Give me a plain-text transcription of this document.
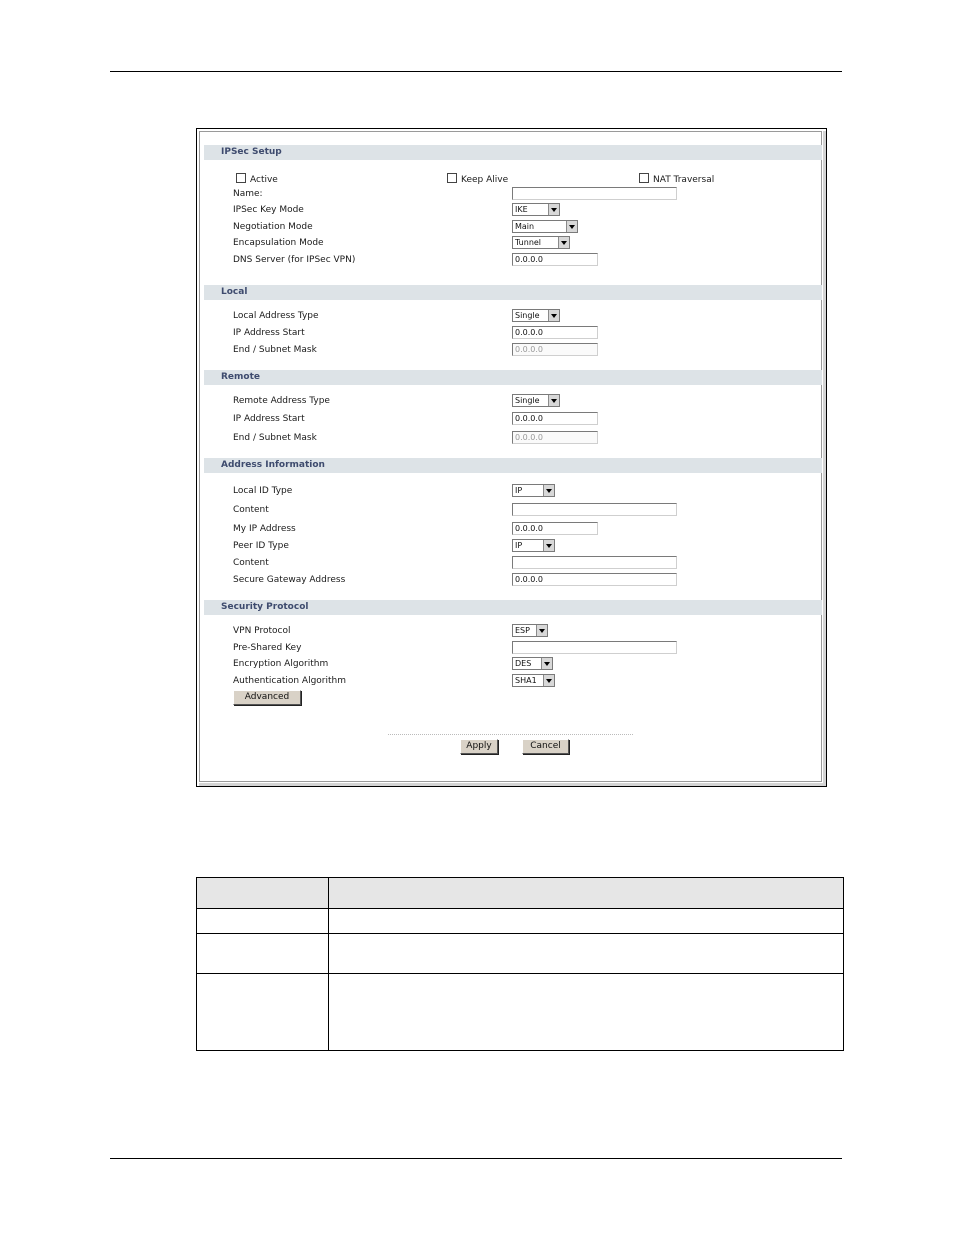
IPSec Setup
Active	Keep Alive	NAT Traversal
Name:
IPSec Key Mode	IKE
Negotiation Mode	Main
Encapsulation Mode	Tunnel
DNS Server (for IPSec VPN)	0.0.0.0
Local
Local Address Type	Single
IP Address Start	0.0.0.0
End / Subnet Mask	0.0.0.0
Remote
Remote Address Type	Single
IP Address Start	0.0.0.0
End / Subnet Mask	0.0.0.0
Address Information
Local ID Type	IP
Content
My IP Address	0.0.0.0
Peer ID Type	IP
Content
Secure Gateway Address	0.0.0.0
Security Protocol
VPN Protocol	ESP
Pre-Shared Key
Encryption Algorithm	DES
Authentication Algorithm	SHA1
Advanced
Apply	Cancel
